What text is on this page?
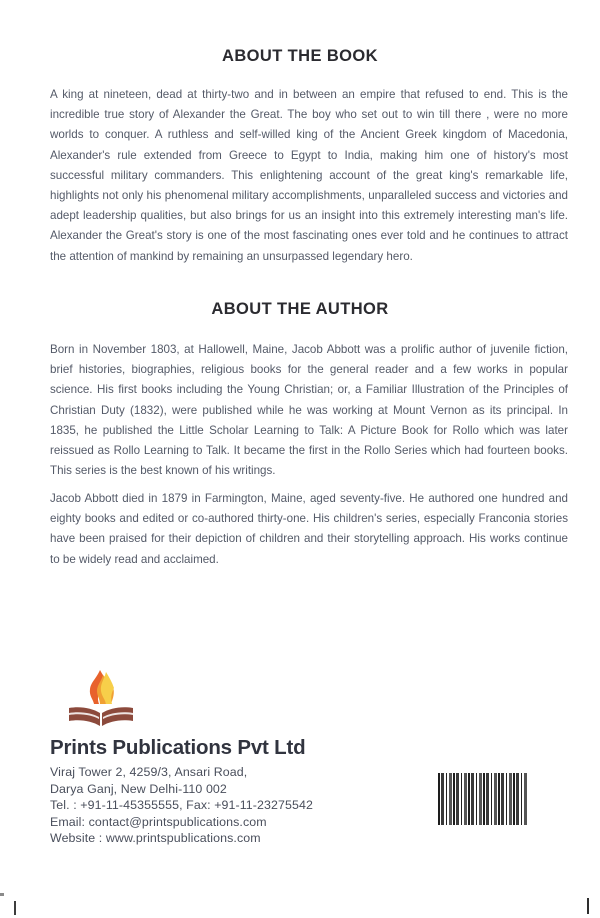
ABOUT THE BOOK

A king at nineteen, dead at thirty-two and in between an empire that refused to end. This is the incredible true story of Alexander the Great. The boy who set out to win till there , were no more worlds to conquer. A ruthless and self-willed king of the Ancient Greek kingdom of Macedonia, Alexander's rule extended from Greece to Egypt to India, making him one of history's most successful military commanders. This enlightening account of the great king's remarkable life, highlights not only his phenomenal military accomplishments, unparalleled success and victories and adept leadership qualities, but also brings for us an insight into this extremely interesting man's life. Alexander the Great's story is one of the most fascinating ones ever told and he continues to attract the attention of mankind by remaining an unsurpassed legendary hero.

ABOUT THE AUTHOR

Born in November 1803, at Hallowell, Maine, Jacob Abbott was a prolific author of juvenile fiction, brief histories, biographies, religious books for the general reader and a few works in popular science. His first books including the Young Christian; or, a Familiar Illustration of the Principles of Christian Duty (1832), were published while he was working at Mount Vernon as its principal. In 1835, he published the Little Scholar Learning to Talk: A Picture Book for Rollo which was later reissued as Rollo Learning to Talk. It became the first in the Rollo Series which had fourteen books. This series is the best known of his writings.

Jacob Abbott died in 1879 in Farmington, Maine, aged seventy-five. He authored one hundred and eighty books and edited or co-authored thirty-one. His children's series, especially Franconia stories have been praised for their depiction of children and their storytelling approach. His works continue to be widely read and acclaimed.

Prints Publications Pvt Ltd
Viraj Tower 2, 4259/3, Ansari Road,
Darya Ganj, New Delhi-110 002
Tel. : +91-11-45355555, Fax: +91-11-23275542
Email: contact@printspublications.com
Website : www.printspublications.com
